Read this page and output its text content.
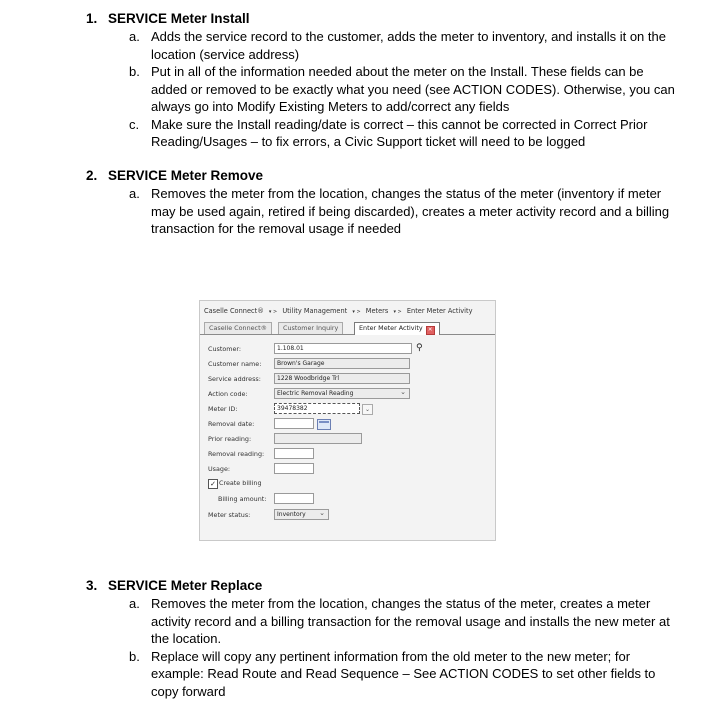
1. SERVICE Meter Install
a. Adds the service record to the customer, adds the meter to inventory, and installs it on the
location (service address)
b. Put in all of the information needed about the meter on the Install. These fields can be
added or removed to be exactly what you need (see ACTION CODES). Otherwise, you can
always go into Modify Existing Meters to add/correct any fields
c. Make sure the Install reading/date is correct – this cannot be corrected in Correct Prior
Reading/Usages – to fix errors, a Civic Support ticket will need to be logged
2. SERVICE Meter Remove
a. Removes the meter from the location, changes the status of the meter (inventory if meter
may be used again, retired if being discarded), creates a meter activity record and a billing
transaction for the removal usage if needed
Caselle Connect® ▾ > Utility Management ▾ > Meters ▾ > Enter Meter Activity
Caselle Connect®	Customer Inquiry	Enter Meter Activity ✕
Customer:	1.108.01	⚲
Customer name:	Brown's Garage
Service address:	1228 Woodbridge Trl
Action code:	Electric Removal Reading ⌄
Meter ID:	39478382	⌄
Removal date:
Prior reading:
Removal reading:
Usage:
✓ Create billing
Billing amount:
Meter status:	Inventory ⌄
3. SERVICE Meter Replace
a. Removes the meter from the location, changes the status of the meter, creates a meter
activity record and a billing transaction for the removal usage and installs the new meter at
the location.
b. Replace will copy any pertinent information from the old meter to the new meter; for
example: Read Route and Read Sequence – See ACTION CODES to set other fields to
copy forward
